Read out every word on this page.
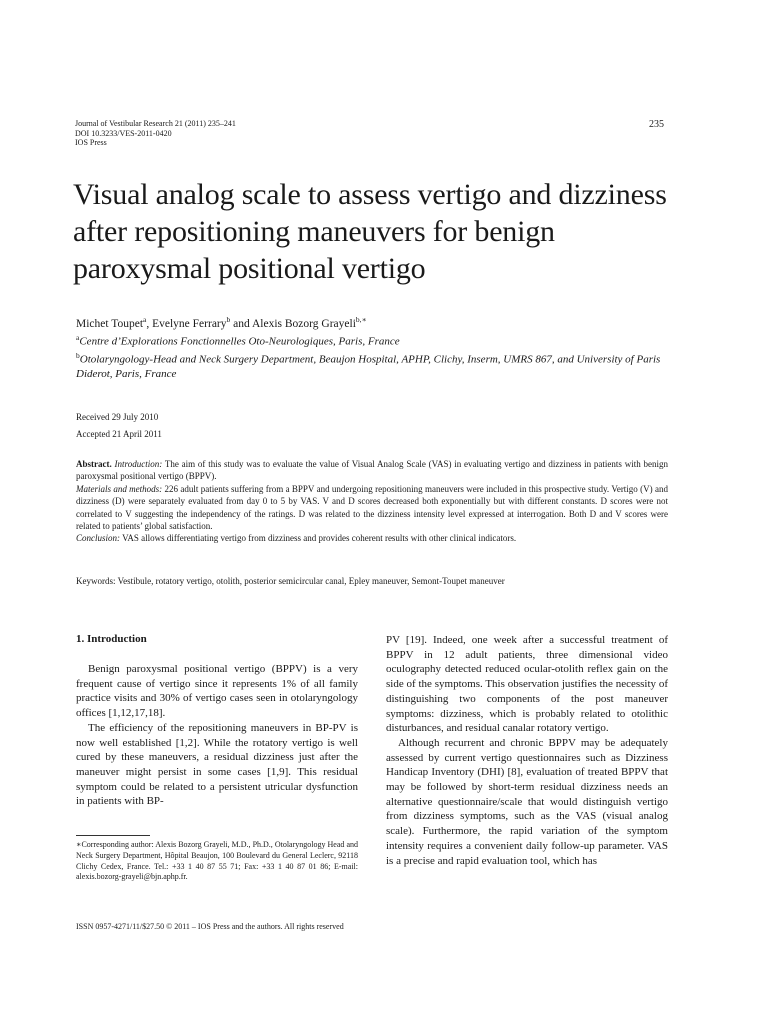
Journal of Vestibular Research 21 (2011) 235–241
DOI 10.3233/VES-2011-0420
IOS Press
235
Visual analog scale to assess vertigo and dizziness after repositioning maneuvers for benign paroxysmal positional vertigo
Michet Toupet$^a$, Evelyne Ferrary$^b$ and Alexis Bozorg Grayeli$^{b,∗}$
$^a$Centre d’Explorations Fonctionnelles Oto-Neurologiques, Paris, France
$^b$Otolaryngology-Head and Neck Surgery Department, Beaujon Hospital, APHP, Clichy, Inserm, UMRS 867, and University of Paris Diderot, Paris, France
Received 29 July 2010
Accepted 21 April 2011

Abstract. Introduction: The aim of this study was to evaluate the value of Visual Analog Scale (VAS) in evaluating vertigo and dizziness in patients with benign paroxysmal positional vertigo (BPPV).

Materials and methods: 226 adult patients suffering from a BPPV and undergoing repositioning maneuvers were included in this prospective study. Vertigo (V) and dizziness (D) were separately evaluated from day 0 to 5 by VAS. V and D scores decreased both exponentially but with different constants. D scores were not correlated to V suggesting the independency of the ratings. D was related to the dizziness intensity level expressed at interrogation. Both D and V scores were related to patients’ global satisfaction.

Conclusion: VAS allows differentiating vertigo from dizziness and provides coherent results with other clinical indicators.

Keywords: Vestibule, rotatory vertigo, otolith, posterior semicircular canal, Epley maneuver, Semont-Toupet maneuver
1. Introduction

Benign paroxysmal positional vertigo (BPPV) is a very frequent cause of vertigo since it represents 1% of all family practice visits and 30% of vertigo cases seen in otolaryngology offices [1,12,17,18].

The efficiency of the repositioning maneuvers in BP-PV is now well established [1,2]. While the rotatory vertigo is well cured by these maneuvers, a residual dizziness just after the maneuver might persist in some cases [1,9]. This residual symptom could be related to a persistent utricular dysfunction in patients with BP-

PV [19]. Indeed, one week after a successful treatment of BPPV in 12 adult patients, three dimensional video oculography detected reduced ocular-otolith reflex gain on the side of the symptoms. This observation justifies the necessity of distinguishing two components of the post maneuver symptoms: dizziness, which is probably related to otolithic disturbances, and residual canalar rotatory vertigo.

Although recurrent and chronic BPPV may be adequately assessed by current vertigo questionnaires such as Dizziness Handicap Inventory (DHI) [8], evaluation of treated BPPV that may be followed by short-term residual dizziness needs an alternative questionnaire/scale that would distinguish vertigo from dizziness symptoms, such as the VAS (visual analog scale). Furthermore, the rapid variation of the symptom intensity requires a convenient daily follow-up parameter. VAS is a precise and rapid evaluation tool, which has

∗Corresponding author: Alexis Bozorg Grayeli, M.D., Ph.D., Otolaryngology Head and Neck Surgery Department, Hôpital Beaujon, 100 Boulevard du General Leclerc, 92118 Clichy Cedex, France. Tel.: +33 1 40 87 55 71; Fax: +33 1 40 87 01 86; E-mail: alexis.bozorg-grayeli@bjn.aphp.fr.
ISSN 0957-4271/11/$27.50 © 2011 – IOS Press and the authors. All rights reserved
